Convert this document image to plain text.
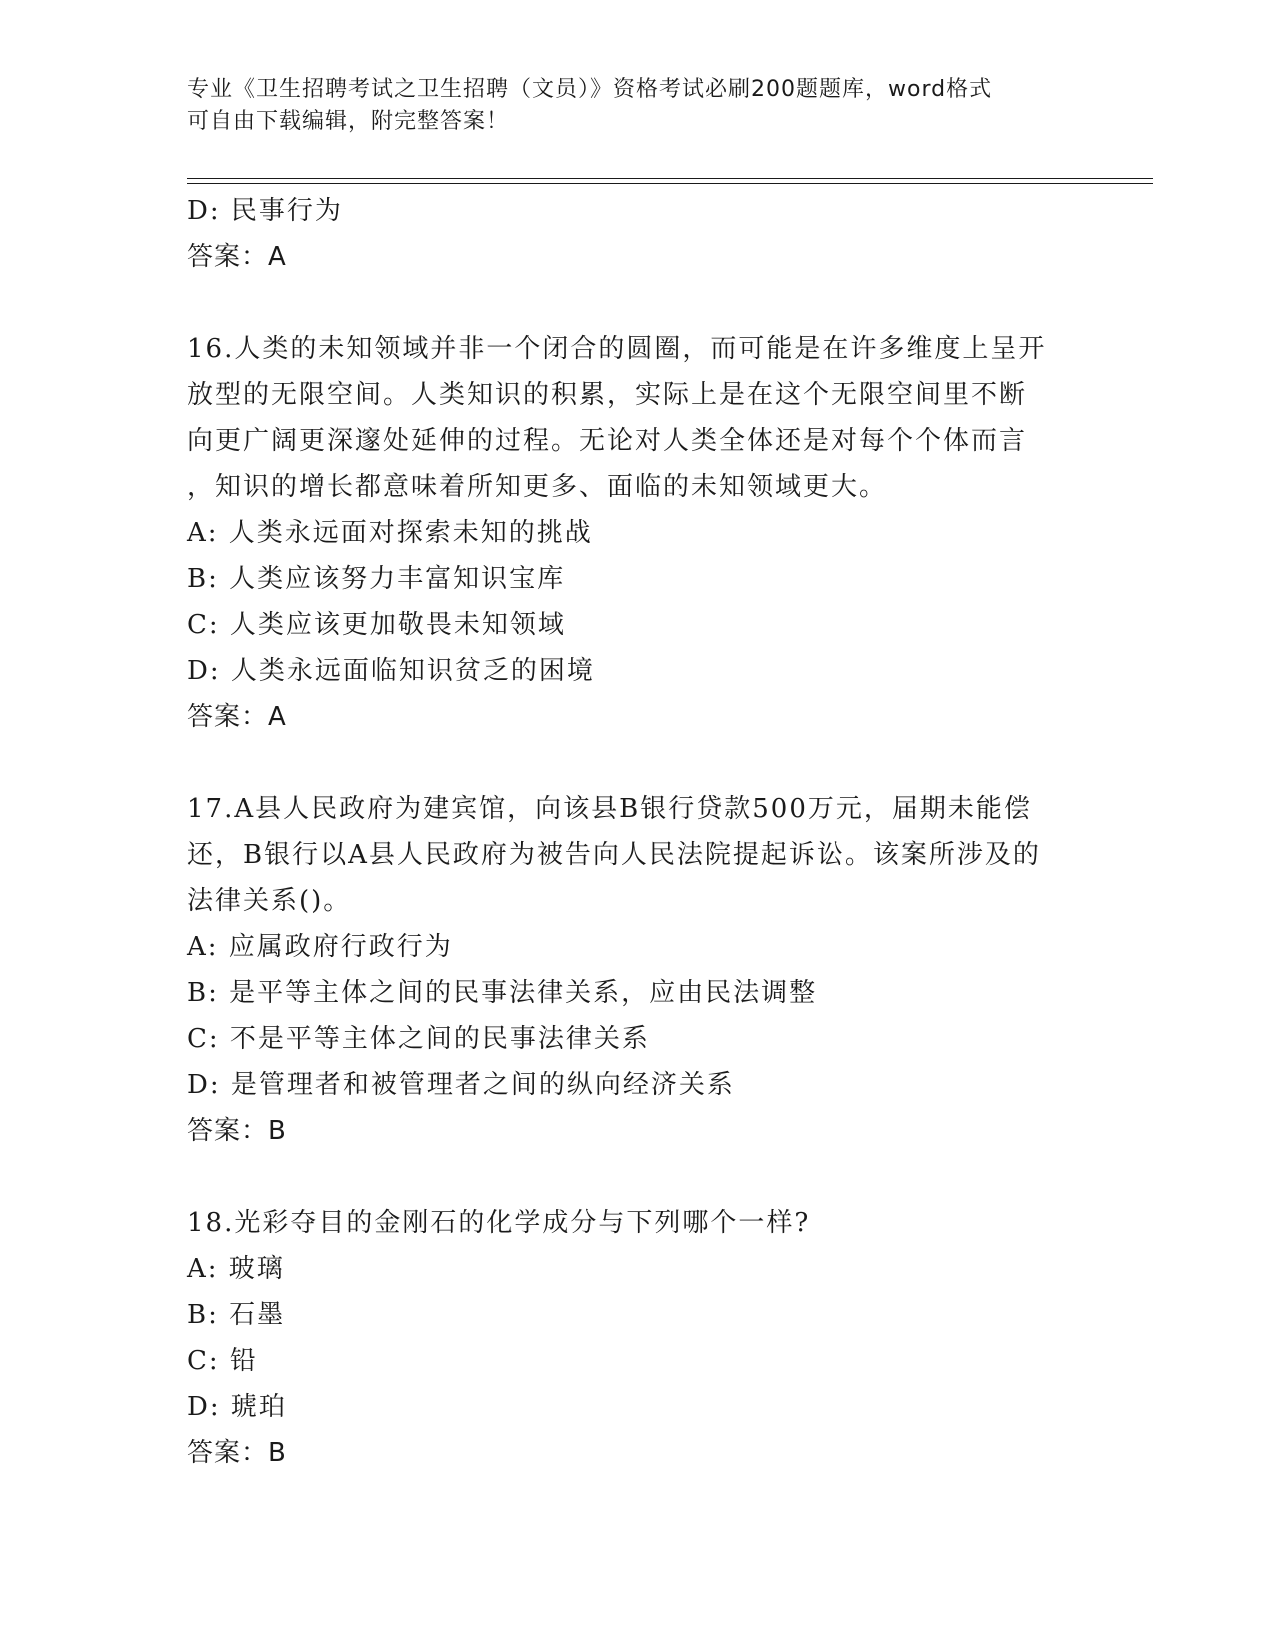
专业《卫生招聘考试之卫生招聘（文员）》资格考试必刷200题题库，word格式
可自由下载编辑，附完整答案！
D: 民事行为
答案：A
16.人类的未知领域并非一个闭合的圆圈，而可能是在许多维度上呈开
放型的无限空间。人类知识的积累，实际上是在这个无限空间里不断
向更广阔更深邃处延伸的过程。无论对人类全体还是对每个个体而言
，知识的增长都意味着所知更多、面临的未知领域更大。
A: 人类永远面对探索未知的挑战
B: 人类应该努力丰富知识宝库
C: 人类应该更加敬畏未知领域
D: 人类永远面临知识贫乏的困境
答案：A
17.A县人民政府为建宾馆，向该县B银行贷款500万元，届期未能偿
还，B银行以A县人民政府为被告向人民法院提起诉讼。该案所涉及的
法律关系()。
A: 应属政府行政行为
B: 是平等主体之间的民事法律关系，应由民法调整
C: 不是平等主体之间的民事法律关系
D: 是管理者和被管理者之间的纵向经济关系
答案：B
18.光彩夺目的金刚石的化学成分与下列哪个一样?
A: 玻璃
B: 石墨
C: 铅
D: 琥珀
答案：B
